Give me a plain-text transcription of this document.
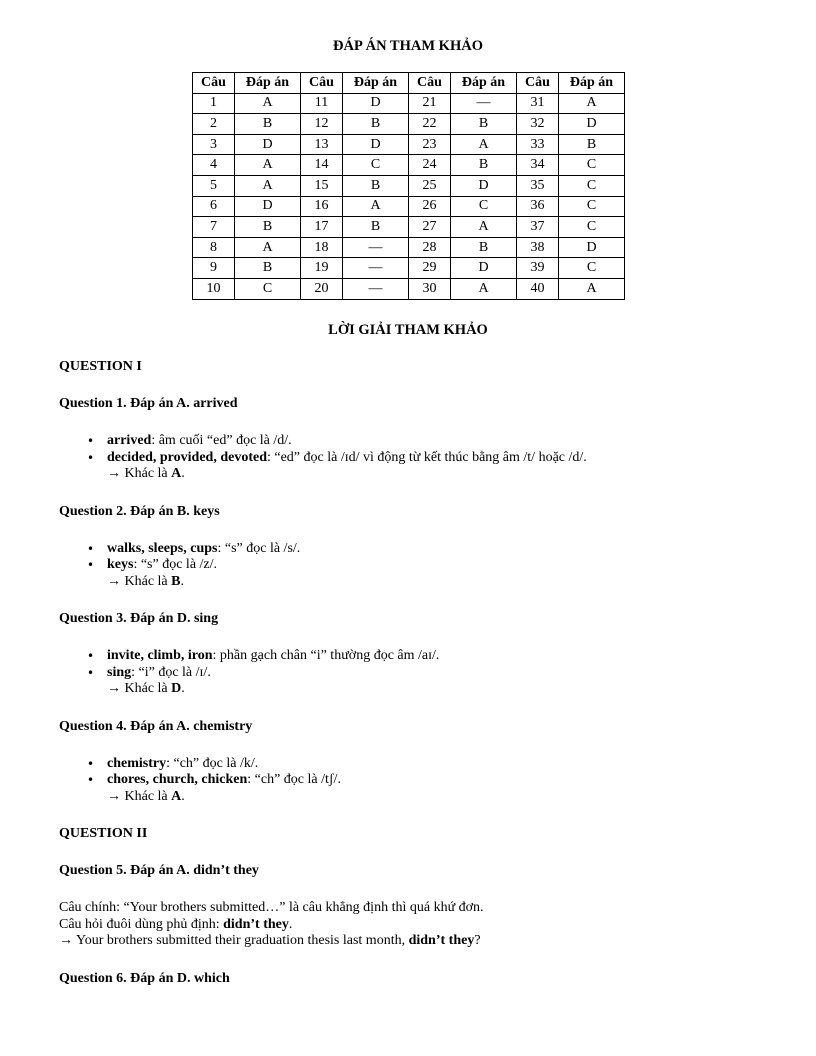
ĐÁP ÁN THAM KHẢO
Câu	Đáp án	Câu	Đáp án	Câu	Đáp án	Câu	Đáp án
1	A	11	D	21	—	31	A
2	B	12	B	22	B	32	D
3	D	13	D	23	A	33	B
4	A	14	C	24	B	34	C
5	A	15	B	25	D	35	C
6	D	16	A	26	C	36	C
7	B	17	B	27	A	37	C
8	A	18	—	28	B	38	D
9	B	19	—	29	D	39	C
10	C	20	—	30	A	40	A
LỜI GIẢI THAM KHẢO
QUESTION I
Question 1. Đáp án A. arrived
• arrived: âm cuối “ed” đọc là /d/.
• decided, provided, devoted: “ed” đọc là /ɪd/ vì động từ kết thúc bằng âm /t/ hoặc /d/.
→ Khác là A.
Question 2. Đáp án B. keys
• walks, sleeps, cups: “s” đọc là /s/.
• keys: “s” đọc là /z/.
→ Khác là B.
Question 3. Đáp án D. sing
• invite, climb, iron: phần gạch chân “i” thường đọc âm /aɪ/.
• sing: “i” đọc là /ɪ/.
→ Khác là D.
Question 4. Đáp án A. chemistry
• chemistry: “ch” đọc là /k/.
• chores, church, chicken: “ch” đọc là /tʃ/.
→ Khác là A.
QUESTION II
Question 5. Đáp án A. didn’t they
Câu chính: “Your brothers submitted…” là câu khẳng định thì quá khứ đơn.
Câu hỏi đuôi dùng phủ định: didn’t they.
→ Your brothers submitted their graduation thesis last month, didn’t they?
Question 6. Đáp án D. which
